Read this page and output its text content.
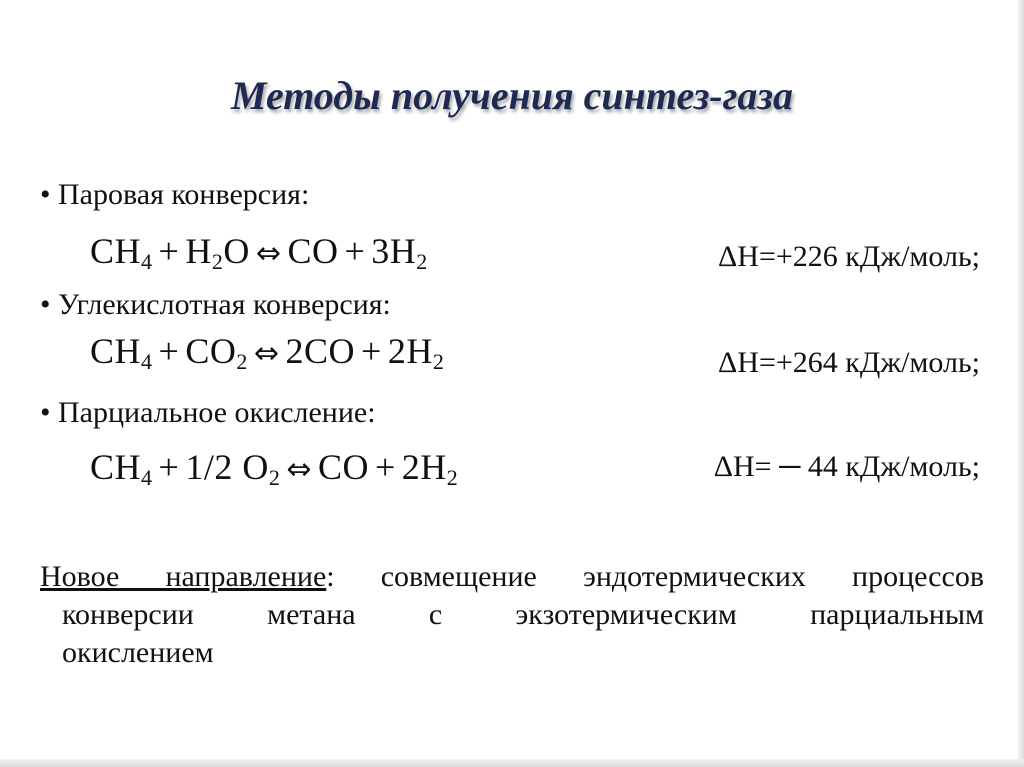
Методы получения синтез-газа
• Паровая конверсия:
$CH_4 + H_2O$ ⇔ CO + $3H_2$	ΔH=+226 кДж/моль;
• Углекислотная конверсия:
$CH_4 + CO_2$ ⇔ $2CO + 2H_2$	ΔH=+264 кДж/моль;
• Парциальное окисление:
$CH_4 + 1/2$ $O_2$ ⇔ CO + $2H_2$	ΔH= ─ 44 кДж/моль;
Новое направление: совмещение эндотермических процессов
конверсии метана с экзотермическим парциальным
окислением
